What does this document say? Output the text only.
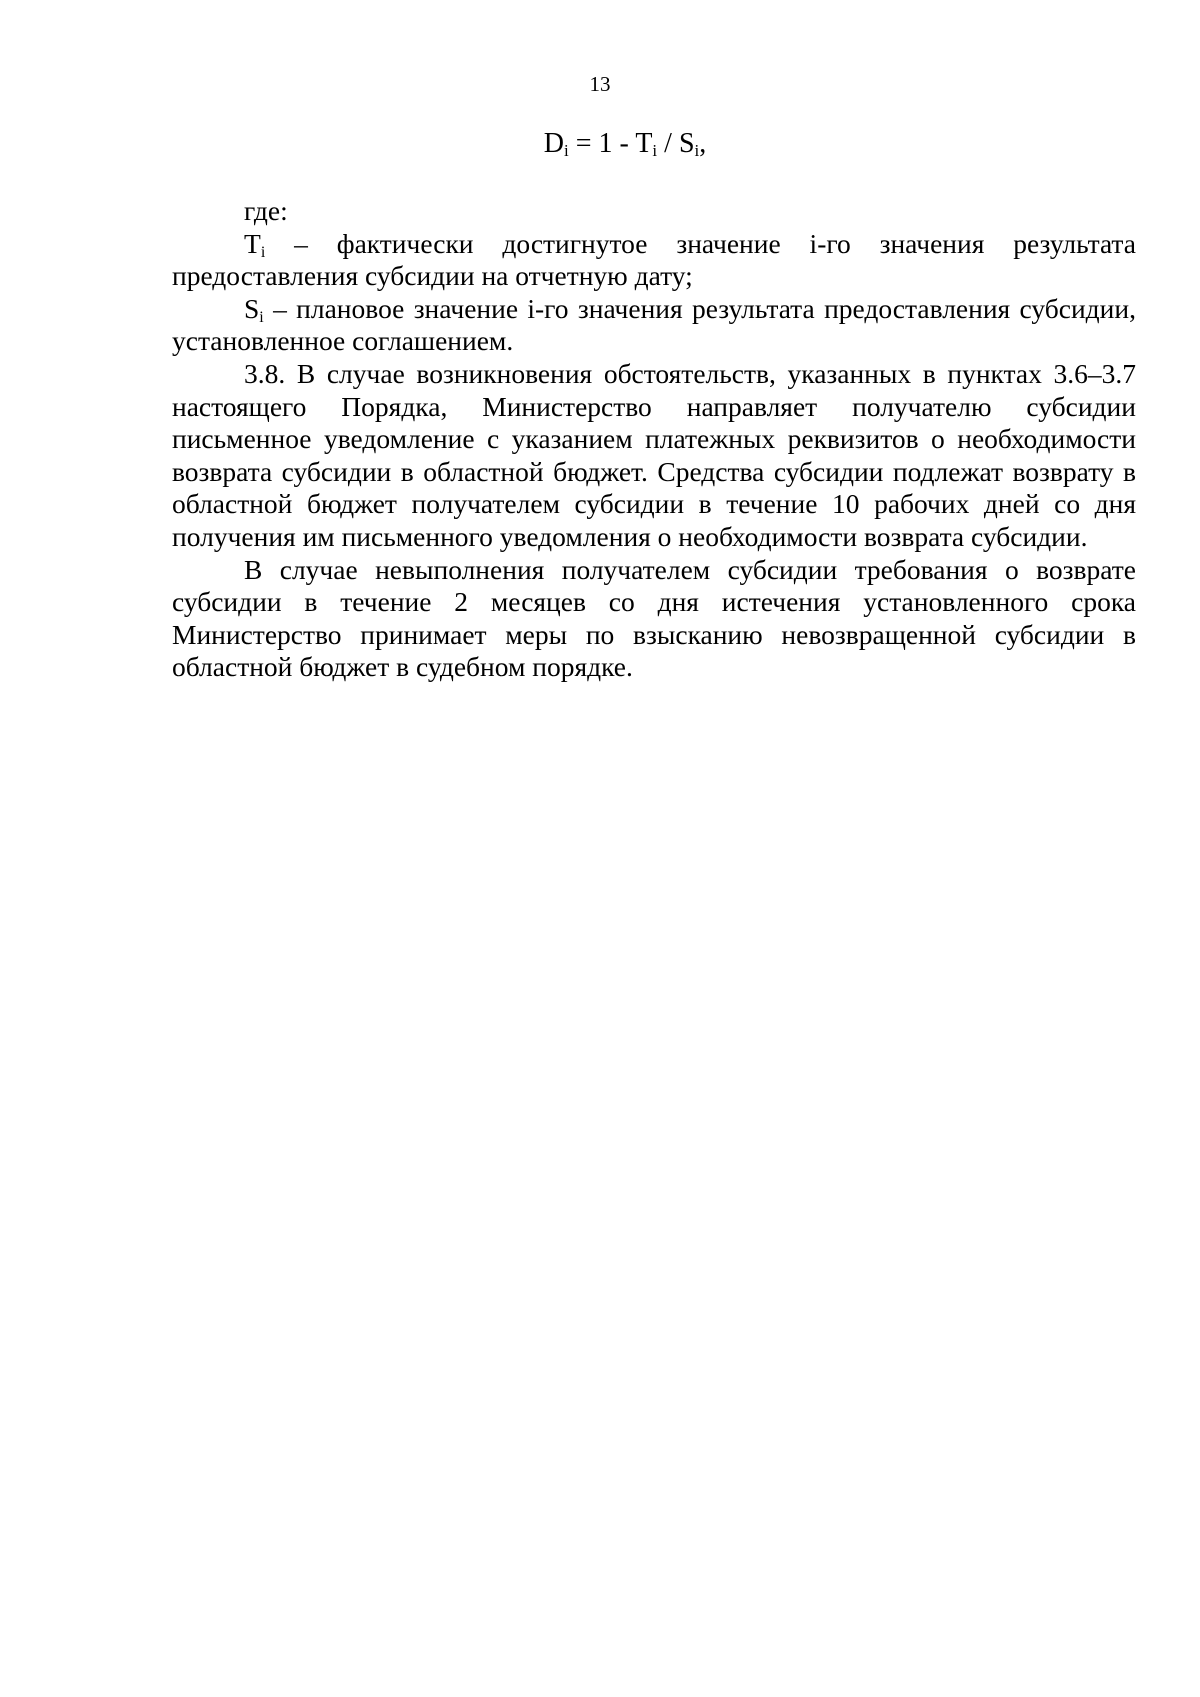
13
$D_i = 1 - T_i / S_i$,

где:

$T_i$ – фактически достигнутое значение i-го значения результата предоставления субсидии на отчетную дату;

$S_i$ – плановое значение i-го значения результата предоставления субсидии, установленное соглашением.

3.8. В случае возникновения обстоятельств, указанных в пунктах 3.6–3.7 настоящего Порядка, Министерство направляет получателю субсидии письменное уведомление с указанием платежных реквизитов о необходимости возврата субсидии в областной бюджет. Средства субсидии подлежат возврату в областной бюджет получателем субсидии в течение 10 рабочих дней со дня получения им письменного уведомления о необходимости возврата субсидии.

В случае невыполнения получателем субсидии требования о возврате субсидии в течение 2 месяцев со дня истечения установленного срока Министерство принимает меры по взысканию невозвращенной субсидии в областной бюджет в судебном порядке.
